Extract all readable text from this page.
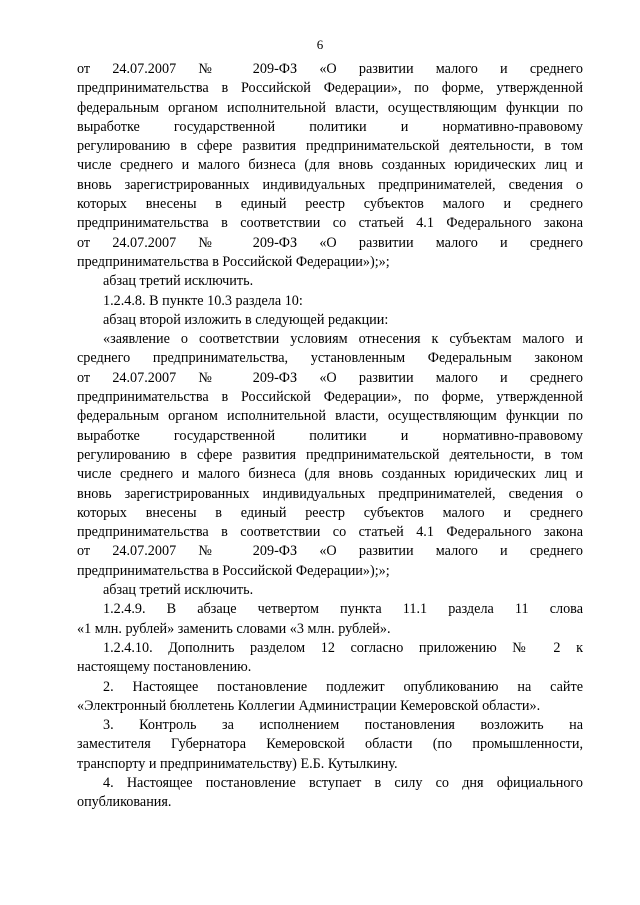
6
от 24.07.2007 № 209-ФЗ «О развитии малого и среднего
предпринимательства в Российской Федерации», по форме, утвержденной
федеральным органом исполнительной власти, осуществляющим функции по
выработке государственной политики и нормативно-правовому
регулированию в сфере развития предпринимательской деятельности, в том
числе среднего и малого бизнеса (для вновь созданных юридических лиц и
вновь зарегистрированных индивидуальных предпринимателей, сведения о
которых внесены в единый реестр субъектов малого и среднего
предпринимательства в соответствии со статьей 4.1 Федерального закона
от 24.07.2007 № 209-ФЗ «О развитии малого и среднего
предпринимательства в Российской Федерации»);»;
абзац третий исключить.
1.2.4.8. В пункте 10.3 раздела 10:
абзац второй изложить в следующей редакции:
«заявление о соответствии условиям отнесения к субъектам малого и
среднего предпринимательства, установленным Федеральным законом
от 24.07.2007 № 209-ФЗ «О развитии малого и среднего
предпринимательства в Российской Федерации», по форме, утвержденной
федеральным органом исполнительной власти, осуществляющим функции по
выработке государственной политики и нормативно-правовому
регулированию в сфере развития предпринимательской деятельности, в том
числе среднего и малого бизнеса (для вновь созданных юридических лиц и
вновь зарегистрированных индивидуальных предпринимателей, сведения о
которых внесены в единый реестр субъектов малого и среднего
предпринимательства в соответствии со статьей 4.1 Федерального закона
от 24.07.2007 № 209-ФЗ «О развитии малого и среднего
предпринимательства в Российской Федерации»);»;
абзац третий исключить.
1.2.4.9. В абзаце четвертом пункта 11.1 раздела 11 слова
«1 млн. рублей» заменить словами «3 млн. рублей».
1.2.4.10. Дополнить разделом 12 согласно приложению № 2 к
настоящему постановлению.
2. Настоящее постановление подлежит опубликованию на сайте
«Электронный бюллетень Коллегии Администрации Кемеровской области».
3. Контроль за исполнением постановления возложить на
заместителя Губернатора Кемеровской области (по промышленности,
транспорту и предпринимательству) Е.Б. Кутылкину.
4. Настоящее постановление вступает в силу со дня официального
опубликования.
